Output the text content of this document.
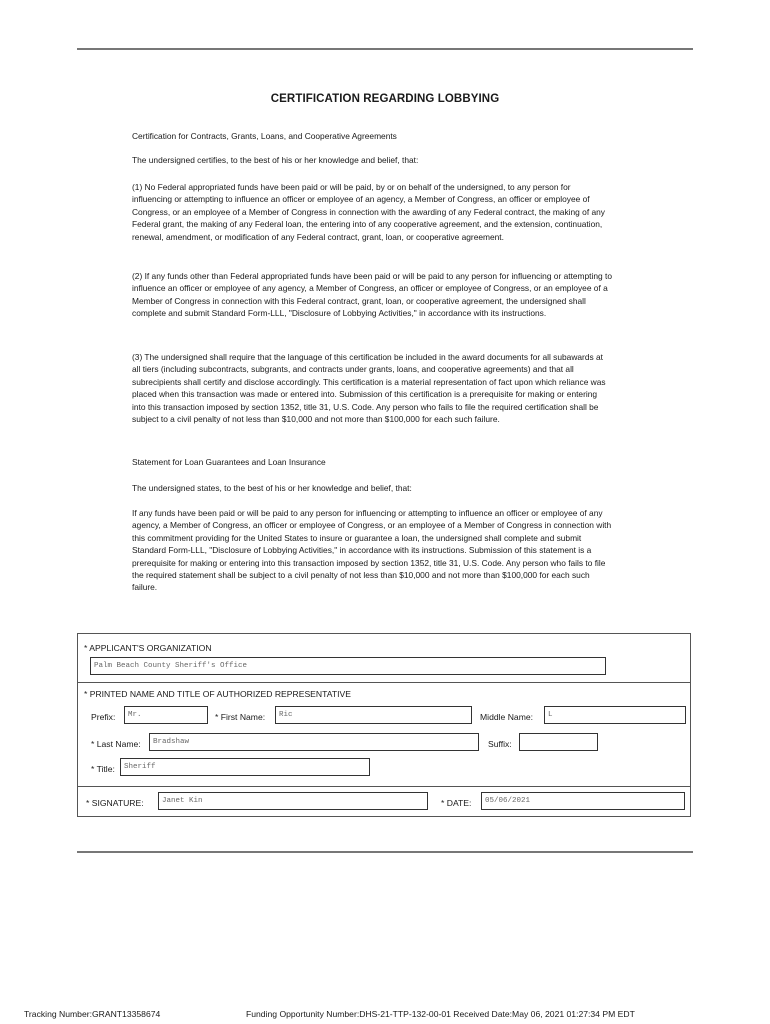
CERTIFICATION REGARDING LOBBYING
Certification for Contracts, Grants, Loans, and Cooperative Agreements
The undersigned certifies, to the best of his or her knowledge and belief, that:
(1) No Federal appropriated funds have been paid or will be paid, by or on behalf of the undersigned, to any person for influencing or attempting to influence an officer or employee of an agency, a Member of Congress, an officer or employee of Congress, or an employee of a Member of Congress in connection with the awarding of any Federal contract, the making of any Federal grant, the making of any Federal loan, the entering into of any cooperative agreement, and the extension, continuation, renewal, amendment, or modification of any Federal contract, grant, loan, or cooperative agreement.
(2) If any funds other than Federal appropriated funds have been paid or will be paid to any person for influencing or attempting to influence an officer or employee of any agency, a Member of Congress, an officer or employee of Congress, or an employee of a Member of Congress in connection with this Federal contract, grant, loan, or cooperative agreement, the undersigned shall complete and submit Standard Form-LLL, "Disclosure of Lobbying Activities," in accordance with its instructions.
(3) The undersigned shall require that the language of this certification be included in the award documents for all subawards at all tiers (including subcontracts, subgrants, and contracts under grants, loans, and cooperative agreements) and that all subrecipients shall certify and disclose accordingly. This certification is a material representation of fact upon which reliance was placed when this transaction was made or entered into. Submission of this certification is a prerequisite for making or entering into this transaction imposed by section 1352, title 31, U.S. Code. Any person who fails to file the required certification shall be subject to a civil penalty of not less than $10,000 and not more than $100,000 for each such failure.
Statement for Loan Guarantees and Loan Insurance
The undersigned states, to the best of his or her knowledge and belief, that:
If any funds have been paid or will be paid to any person for influencing or attempting to influence an officer or employee of any agency, a Member of Congress, an officer or employee of Congress, or an employee of a Member of Congress in connection with this commitment providing for the United States to insure or guarantee a loan, the undersigned shall complete and submit Standard Form-LLL, "Disclosure of Lobbying Activities," in accordance with its instructions. Submission of this statement is a prerequisite for making or entering into this transaction imposed by section 1352, title 31, U.S. Code. Any person who fails to file the required statement shall be subject to a civil penalty of not less than $10,000 and not more than $100,000 for each such failure.
* APPLICANT'S ORGANIZATION
Palm Beach County Sheriff's Office
* PRINTED NAME AND TITLE OF AUTHORIZED REPRESENTATIVE
Prefix:	Mr.	* First Name:	Ric	Middle Name:	L
* Last Name:	Bradshaw	Suffix:
* Title:	Sheriff
* SIGNATURE:	Janet Kin	* DATE:	05/06/2021
Tracking Number:GRANT13358674	Funding Opportunity Number:DHS-21-TTP-132-00-01 Received Date:May 06, 2021 01:27:34 PM EDT
